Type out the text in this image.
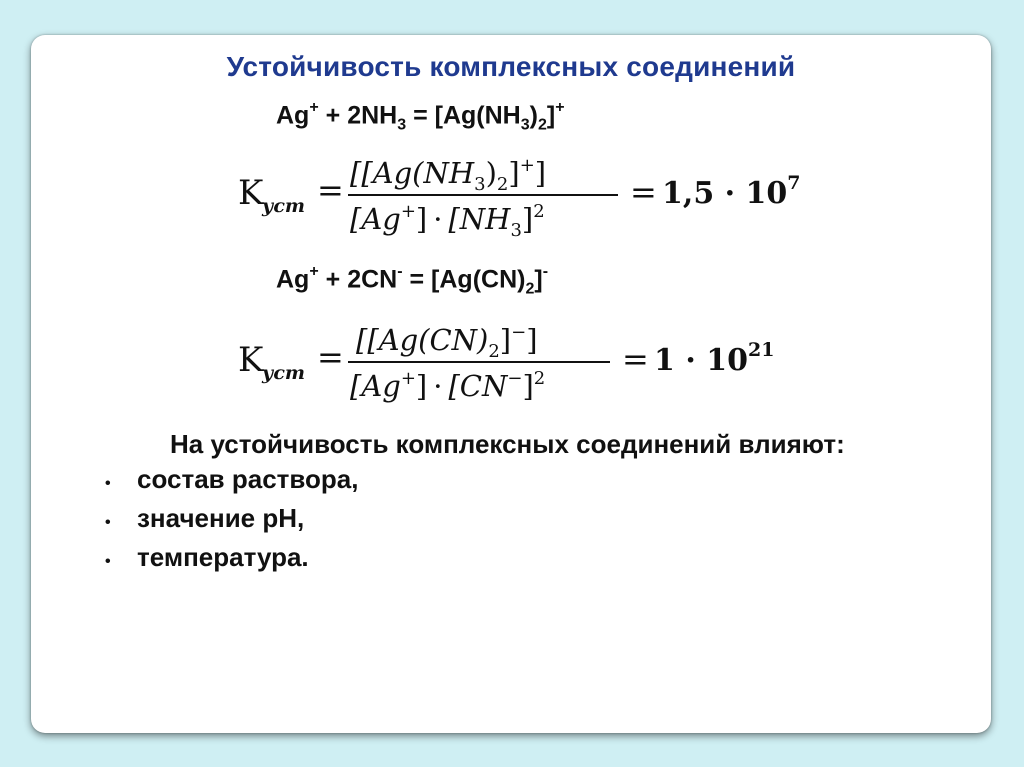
Устойчивость комплексных соединений
$Ag^+ + 2NH_3 = [Ag(NH_3)_2]^+$
K
уст = $[[Ag(NH_3)_2]^+]$
$[Ag^+] \cdot [NH_3]^2$
= $1,5 \cdot 10^7$
$Ag^+ + 2CN^- = [Ag(CN)_2]^-$
K
уст = $[[Ag(CN)_2]^-]$
$[Ag^+] \cdot [CN^-]^2$
= $1 \cdot 10^{21}$
На устойчивость комплексных соединений влияют:
•	состав раствора,
•	значение pH,
•	температура.
